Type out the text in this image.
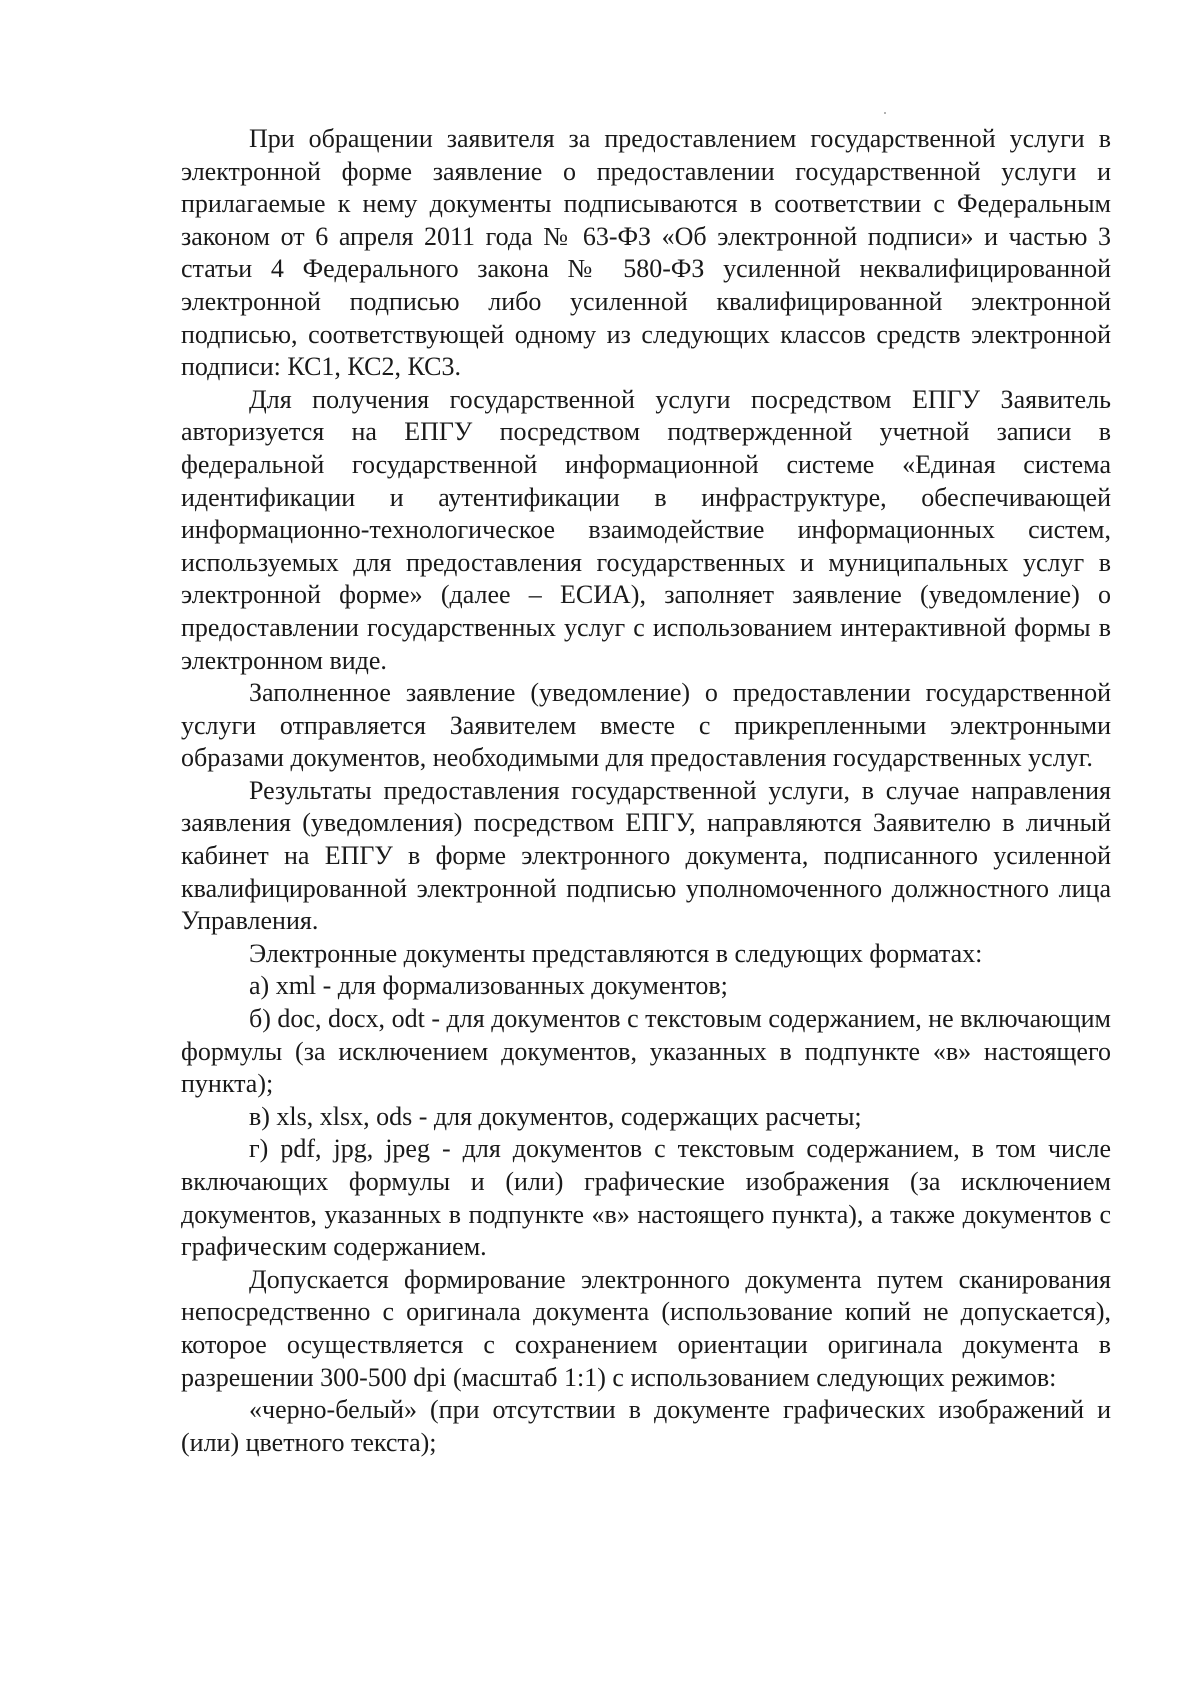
При обращении заявителя за предоставлением государственной услуги в электронной форме заявление о предоставлении государственной услуги и прилагаемые к нему документы подписываются в соответствии с Федеральным законом от 6 апреля 2011 года № 63-ФЗ «Об электронной подписи» и частью 3 статьи 4 Федерального закона № 580-ФЗ усиленной неквалифицированной электронной подписью либо усиленной квалифицированной электронной подписью, соответствующей одному из следующих классов средств электронной подписи: КС1, КС2, КС3.

Для получения государственной услуги посредством ЕПГУ Заявитель авторизуется на ЕПГУ посредством подтвержденной учетной записи в федеральной государственной информационной системе «Единая система идентификации и аутентификации в инфраструктуре, обеспечивающей информационно-технологическое взаимодействие информационных систем, используемых для предоставления государственных и муниципальных услуг в электронной форме» (далее – ЕСИА), заполняет заявление (уведомление) о предоставлении государственных услуг с использованием интерактивной формы в электронном виде.

Заполненное заявление (уведомление) о предоставлении государственной услуги отправляется Заявителем вместе с прикрепленными электронными образами документов, необходимыми для предоставления государственных услуг.

Результаты предоставления государственной услуги, в случае направления заявления (уведомления) посредством ЕПГУ, направляются Заявителю в личный кабинет на ЕПГУ в форме электронного документа, подписанного усиленной квалифицированной электронной подписью уполномоченного должностного лица Управления.

Электронные документы представляются в следующих форматах:

а) xml - для формализованных документов;

б) doc, docx, odt - для документов с текстовым содержанием, не включающим формулы (за исключением документов, указанных в подпункте «в» настоящего пункта);

в) xls, xlsx, ods - для документов, содержащих расчеты;

г) pdf, jpg, jpeg - для документов с текстовым содержанием, в том числе включающих формулы и (или) графические изображения (за исключением документов, указанных в подпункте «в» настоящего пункта), а также документов с графическим содержанием.

Допускается формирование электронного документа путем сканирования непосредственно с оригинала документа (использование копий не допускается), которое осуществляется с сохранением ориентации оригинала документа в разрешении 300-500 dpi (масштаб 1:1) с использованием следующих режимов:

«черно-белый» (при отсутствии в документе графических изображений и (или) цветного текста);
